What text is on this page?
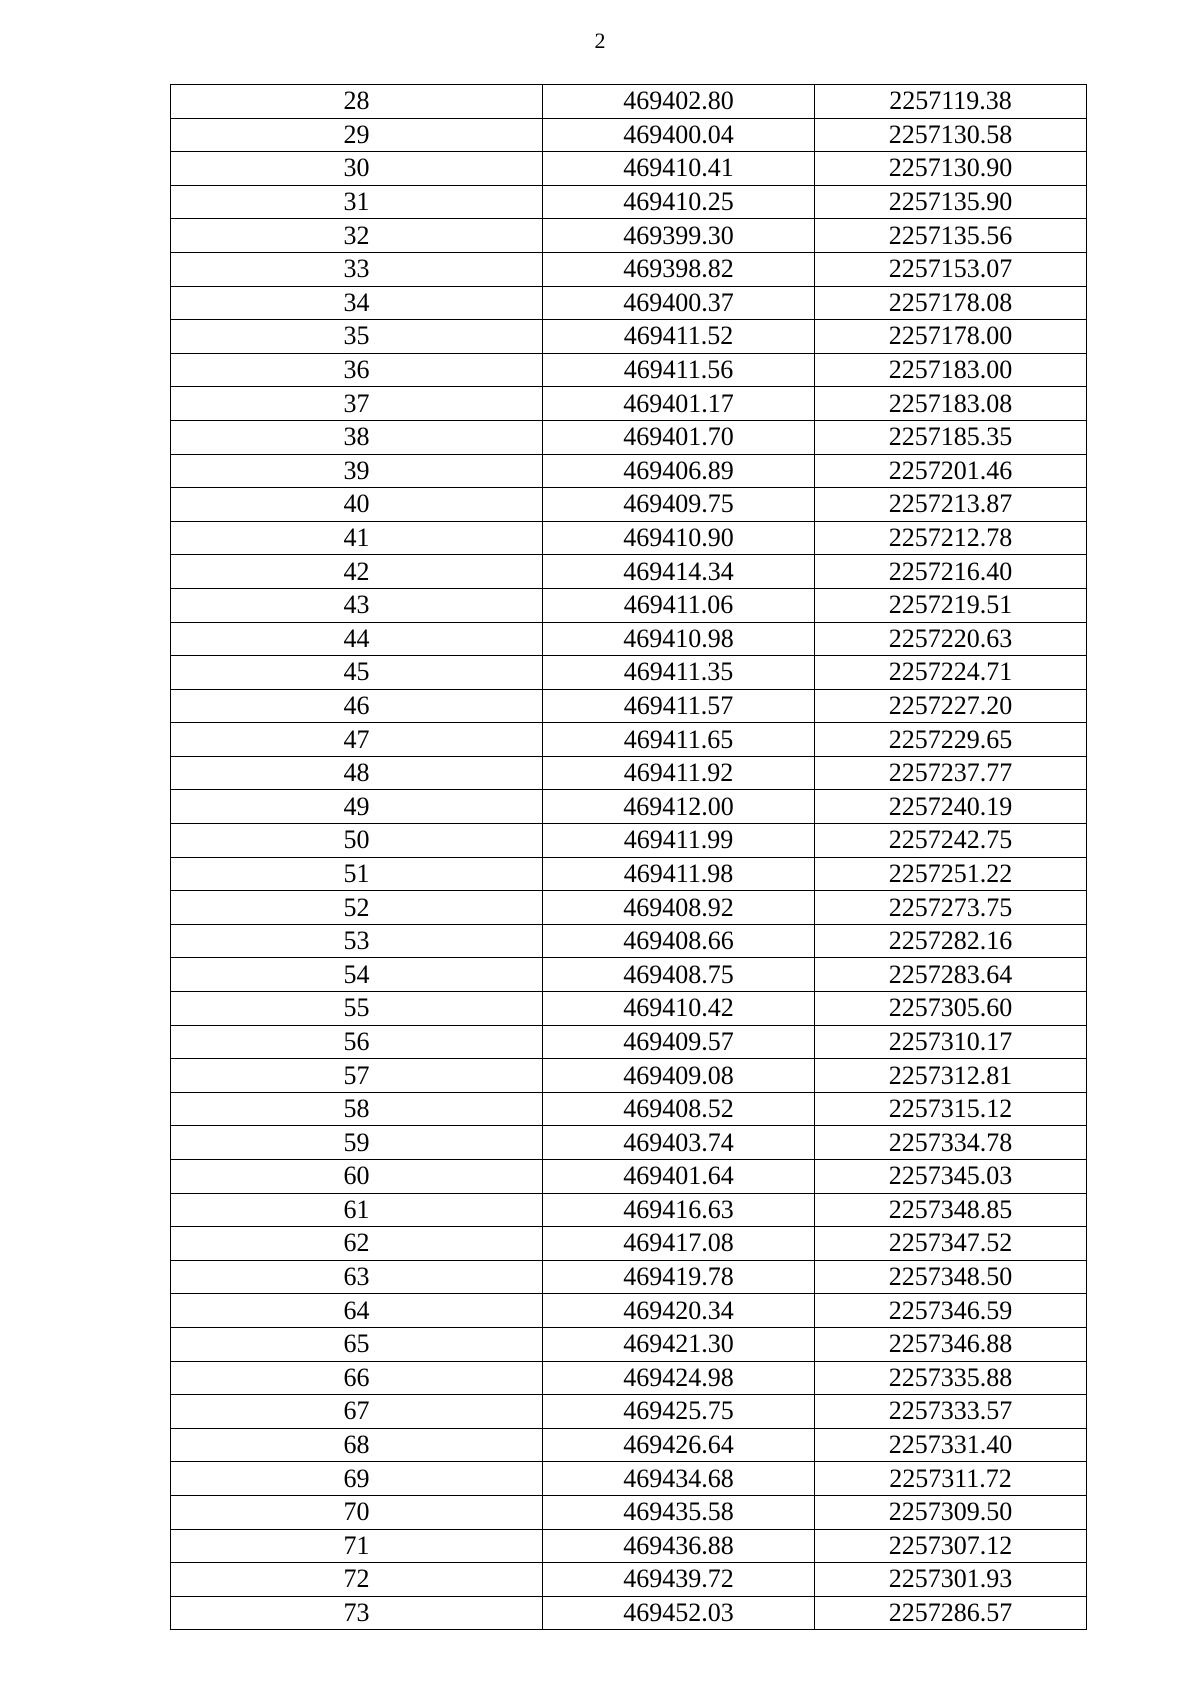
2
28	469402.80	2257119.38
29	469400.04	2257130.58
30	469410.41	2257130.90
31	469410.25	2257135.90
32	469399.30	2257135.56
33	469398.82	2257153.07
34	469400.37	2257178.08
35	469411.52	2257178.00
36	469411.56	2257183.00
37	469401.17	2257183.08
38	469401.70	2257185.35
39	469406.89	2257201.46
40	469409.75	2257213.87
41	469410.90	2257212.78
42	469414.34	2257216.40
43	469411.06	2257219.51
44	469410.98	2257220.63
45	469411.35	2257224.71
46	469411.57	2257227.20
47	469411.65	2257229.65
48	469411.92	2257237.77
49	469412.00	2257240.19
50	469411.99	2257242.75
51	469411.98	2257251.22
52	469408.92	2257273.75
53	469408.66	2257282.16
54	469408.75	2257283.64
55	469410.42	2257305.60
56	469409.57	2257310.17
57	469409.08	2257312.81
58	469408.52	2257315.12
59	469403.74	2257334.78
60	469401.64	2257345.03
61	469416.63	2257348.85
62	469417.08	2257347.52
63	469419.78	2257348.50
64	469420.34	2257346.59
65	469421.30	2257346.88
66	469424.98	2257335.88
67	469425.75	2257333.57
68	469426.64	2257331.40
69	469434.68	2257311.72
70	469435.58	2257309.50
71	469436.88	2257307.12
72	469439.72	2257301.93
73	469452.03	2257286.57
